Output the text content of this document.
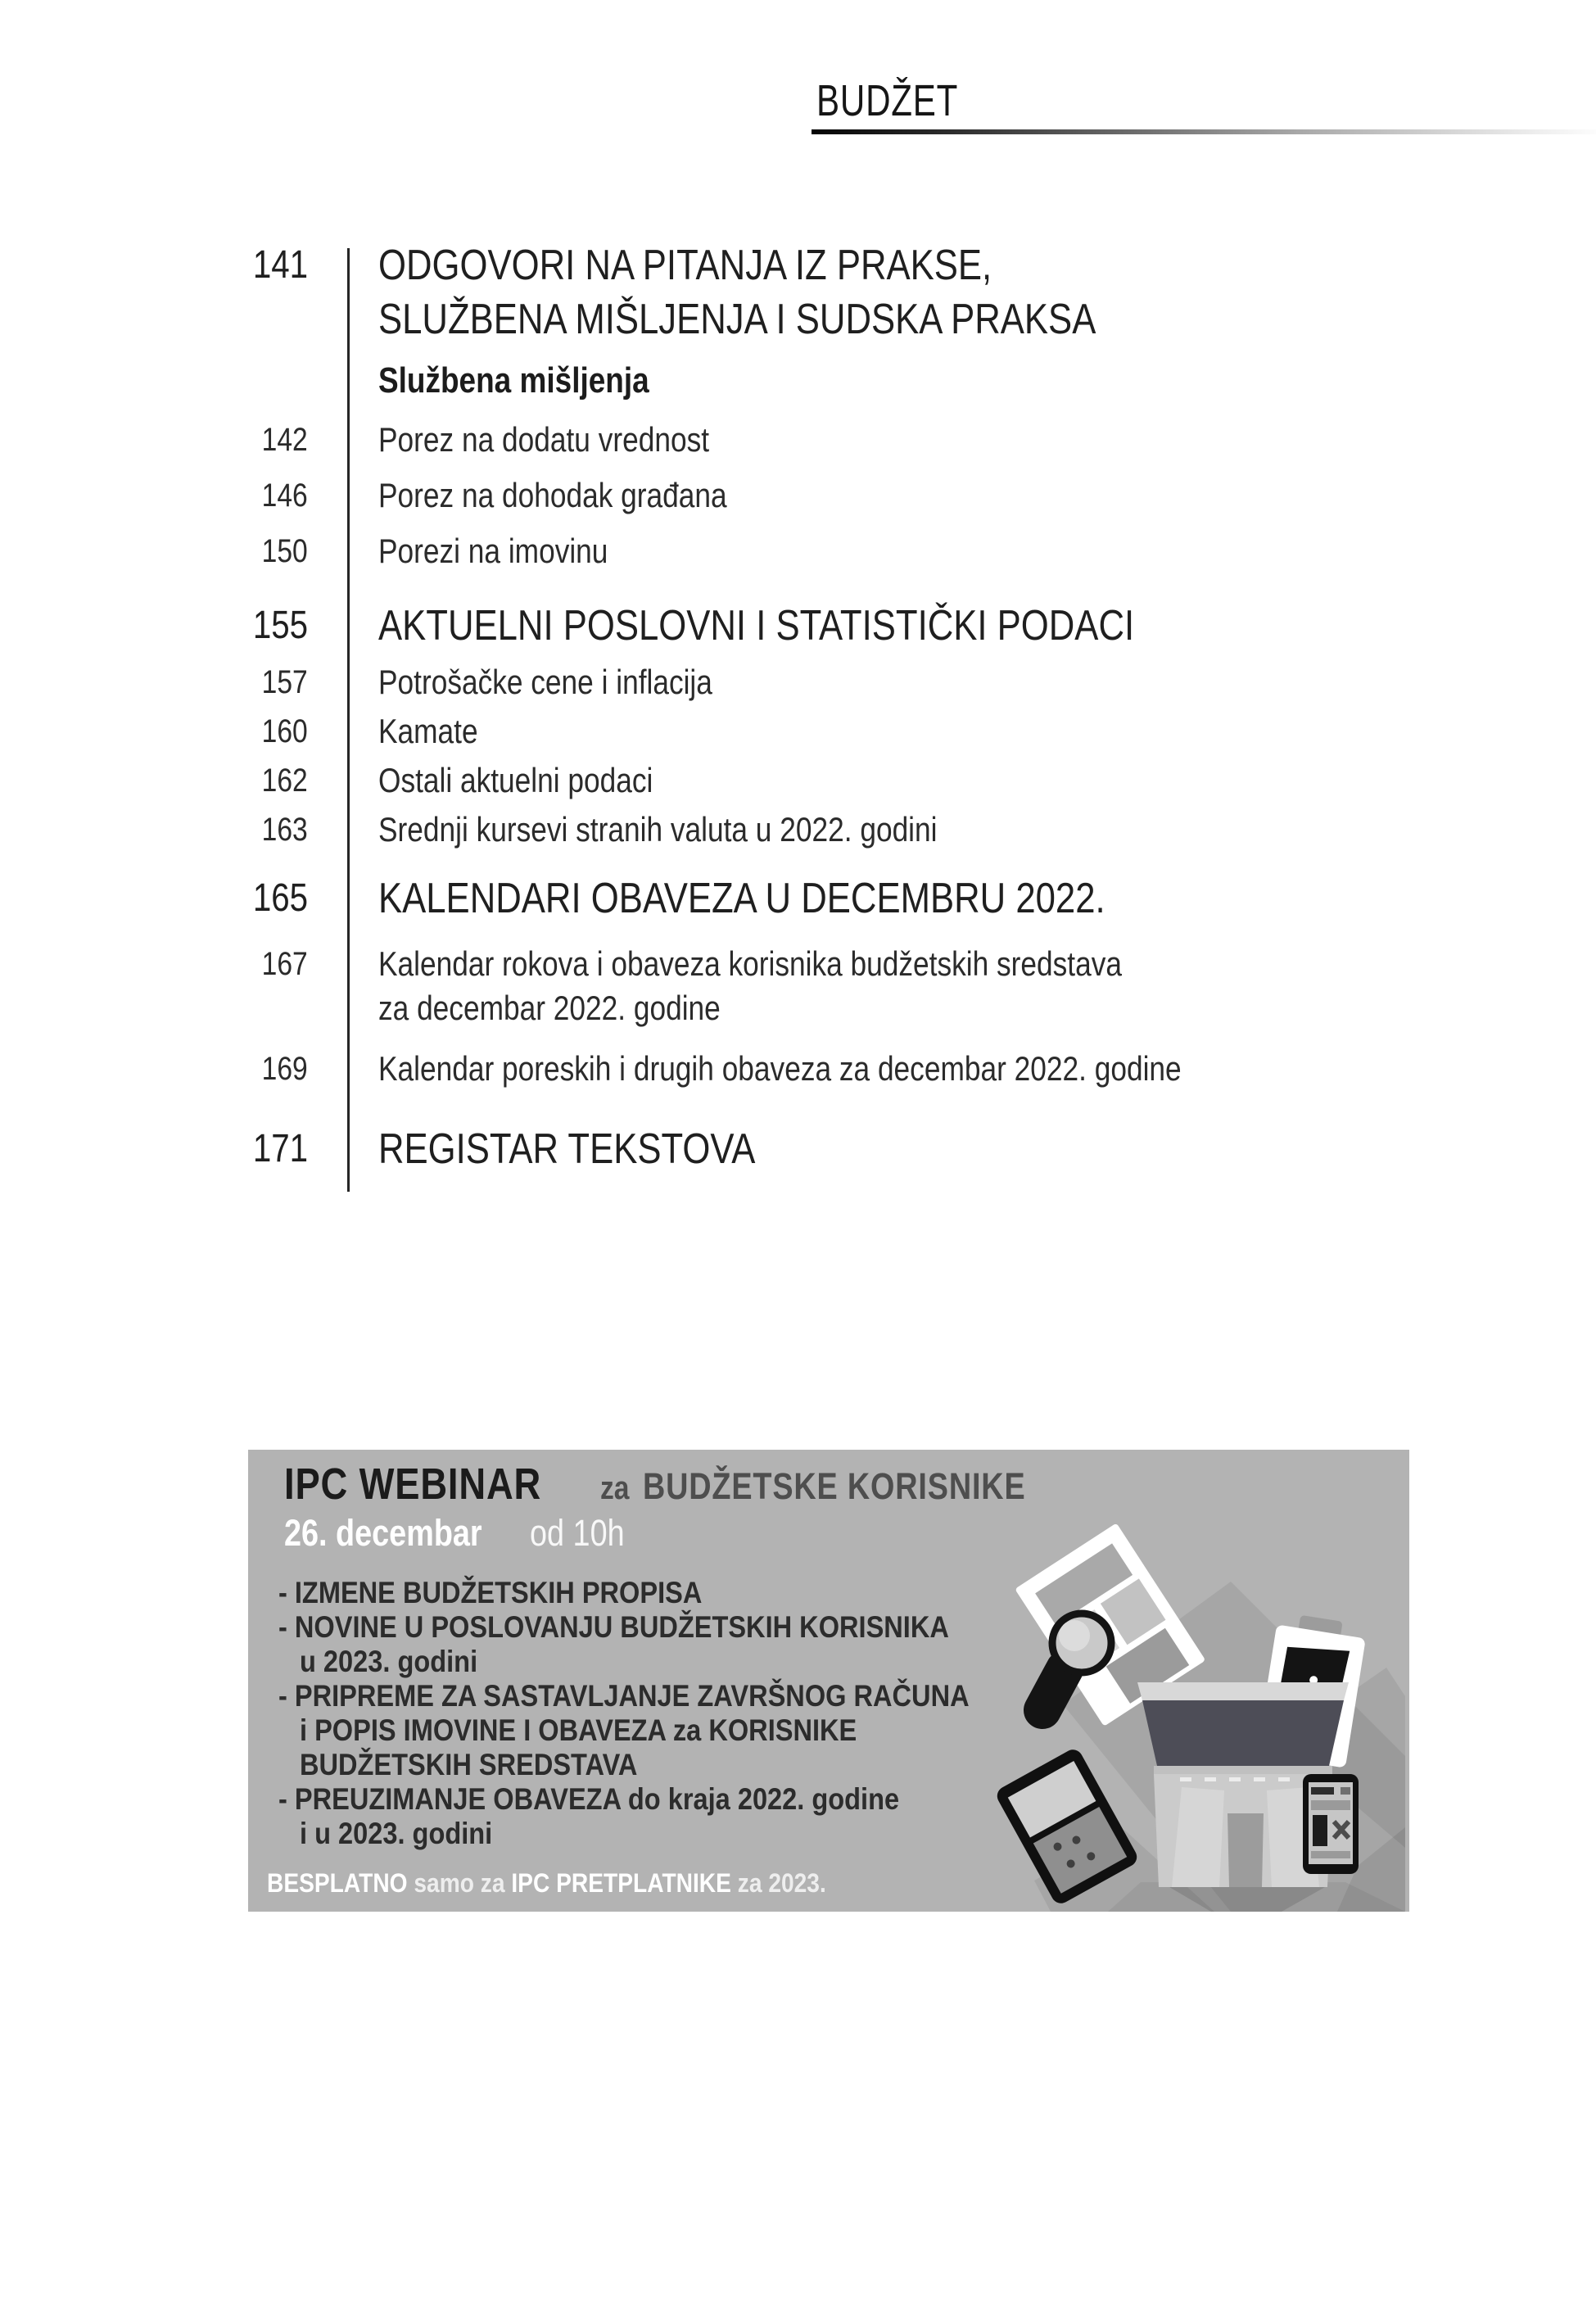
BUDŽET
141 ODGOVORI NA PITANJA IZ PRAKSE,
SLUŽBENA MIŠLJENJA I SUDSKA PRAKSA
Službena mišljenja
142 Porez na dodatu vrednost
146 Porez na dohodak građana
150 Porezi na imovinu
155 AKTUELNI POSLOVNI I STATISTIČKI PODACI
157 Potrošačke cene i inflacija
160 Kamate
162 Ostali aktuelni podaci
163 Srednji kursevi stranih valuta u 2022. godini
165 KALENDARI OBAVEZA U DECEMBRU 2022.
167 Kalendar rokova i obaveza korisnika budžetskih sredstava
za decembar 2022. godine
169 Kalendar poreskih i drugih obaveza za decembar 2022. godine
171 REGISTAR TEKSTOVA
IPC WEBINAR za BUDŽETSKE KORISNIKE
26. decembar od 10h
- IZMENE BUDŽETSKIH PROPISA
- NOVINE U POSLOVANJU BUDŽETSKIH KORISNIKA
u 2023. godini
- PRIPREME ZA SASTAVLJANJE ZAVRŠNOG RAČUNA
i POPIS IMOVINE I OBAVEZA za KORISNIKE
BUDŽETSKIH SREDSTAVA
- PREUZIMANJE OBAVEZA do kraja 2022. godine
i u 2023. godini
BESPLATNO samo za IPC PRETPLATNIKE za 2023.
